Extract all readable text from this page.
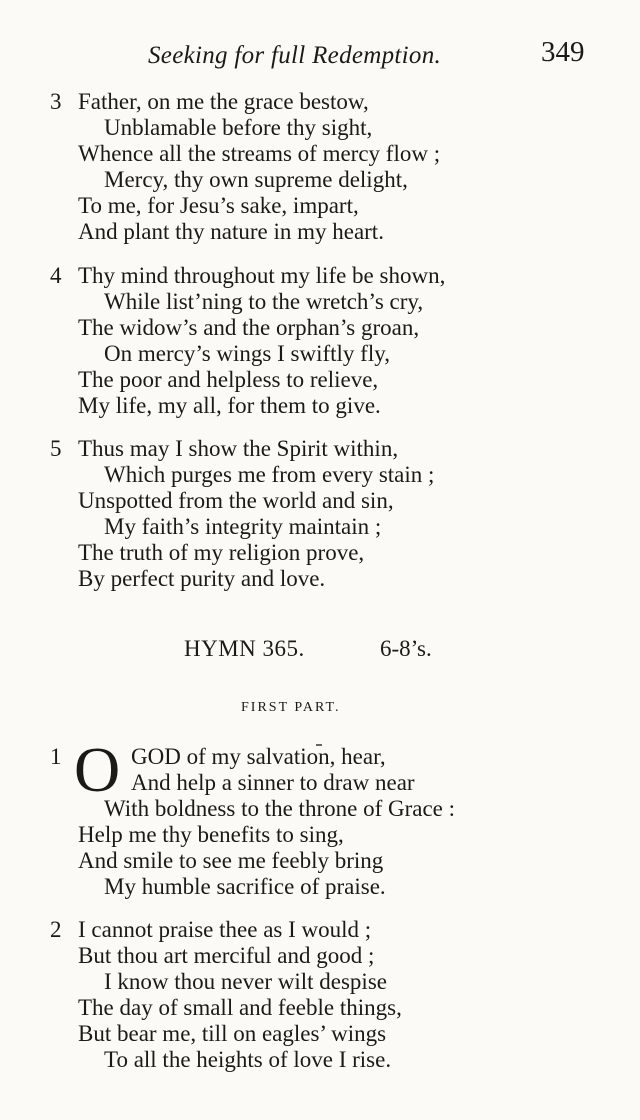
Seeking for full Redemption.	349
3 Father, on me the grace bestow,
Unblamable before thy sight,
Whence all the streams of mercy flow ;
Mercy, thy own supreme delight,
To me, for Jesu’s sake, impart,
And plant thy nature in my heart.
4 Thy mind throughout my life be shown,
While list’ning to the wretch’s cry,
The widow’s and the orphan’s groan,
On mercy’s wings I swiftly fly,
The poor and helpless to relieve,
My life, my all, for them to give.
5 Thus may I show the Spirit within,
Which purges me from every stain ;
Unspotted from the world and sin,
My faith’s integrity maintain ;
The truth of my religion prove,
By perfect purity and love.
HYMN 365.	6-8’s.
FIRST PART.
1 O GOD of my salvation, hear,
And help a sinner to draw near
With boldness to the throne of Grace :
Help me thy benefits to sing,
And smile to see me feebly bring
My humble sacrifice of praise.
2 I cannot praise thee as I would ;
But thou art merciful and good ;
I know thou never wilt despise
The day of small and feeble things,
But bear me, till on eagles’ wings
To all the heights of love I rise.
